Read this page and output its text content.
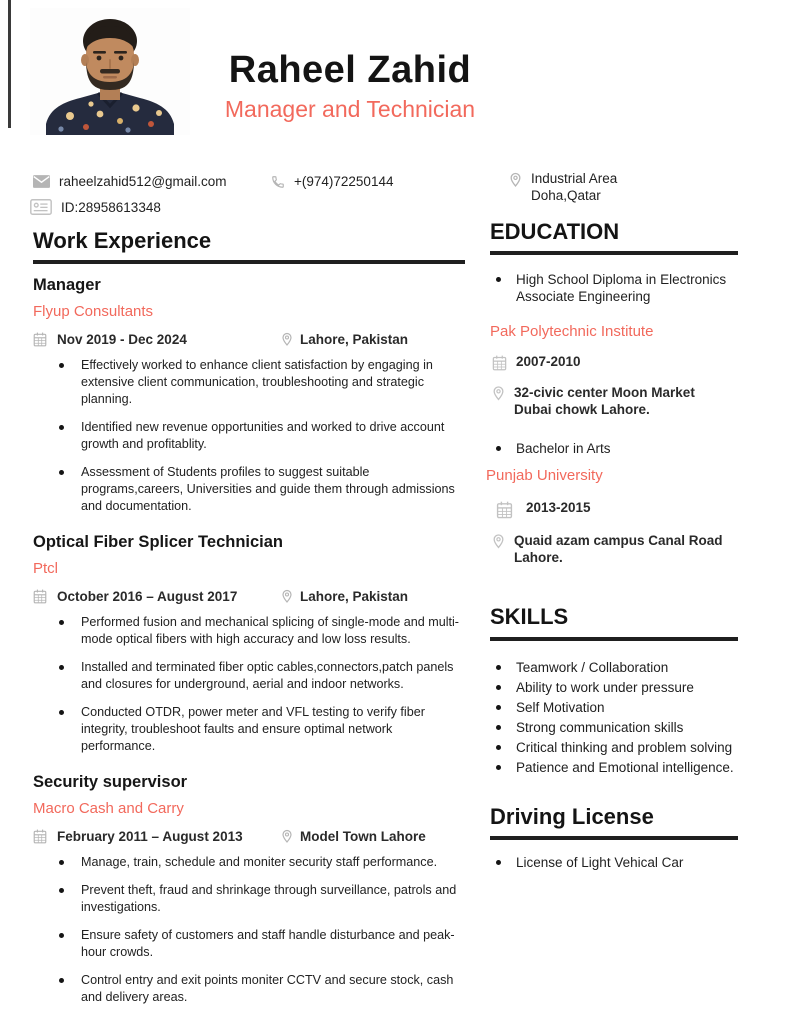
Raheel Zahid
Manager and Technician
raheelzahid512@gmail.com	+(974)72250144	Industrial Area
Doha,Qatar
ID:28958613348
Work Experience
Manager
Flyup Consultants
Nov 2019 - Dec 2024	Lahore, Pakistan
Effectively worked to enhance client satisfaction by engaging in extensive client communication, troubleshooting and strategic planning.
Identified new revenue opportunities and worked to drive account growth and profitablity.
Assessment of Students profiles to suggest suitable programs,careers, Universities and guide them through admissions and documentation.
Optical Fiber Splicer Technician
Ptcl
October 2016 – August 2017	Lahore, Pakistan
Performed fusion and mechanical splicing of single-mode and multi-mode optical fibers with high accuracy and low loss results.
Installed and terminated fiber optic cables,connectors,patch panels and closures for underground, aerial and indoor networks.
Conducted OTDR, power meter and VFL testing to verify fiber integrity, troubleshoot faults and ensure optimal network performance.
Security supervisor
Macro Cash and Carry
February 2011 – August 2013	Model Town Lahore
Manage, train, schedule and moniter security staff performance.
Prevent theft, fraud and shrinkage through surveillance, patrols and investigations.
Ensure safety of customers and staff handle disturbance and peak-hour crowds.
Control entry and exit points moniter CCTV and secure stock, cash and delivery areas.
EDUCATION
High School Diploma in Electronics Associate Engineering
Pak Polytechnic Institute
2007-2010
32-civic center Moon Market
Dubai chowk Lahore.
Bachelor in Arts
Punjab University
2013-2015
Quaid azam campus Canal Road Lahore.
SKILLS
Teamwork / Collaboration
Ability to work under pressure
Self Motivation
Strong communication skills
Critical thinking and problem solving
Patience and Emotional intelligence.
Driving License
License of Light Vehical Car
